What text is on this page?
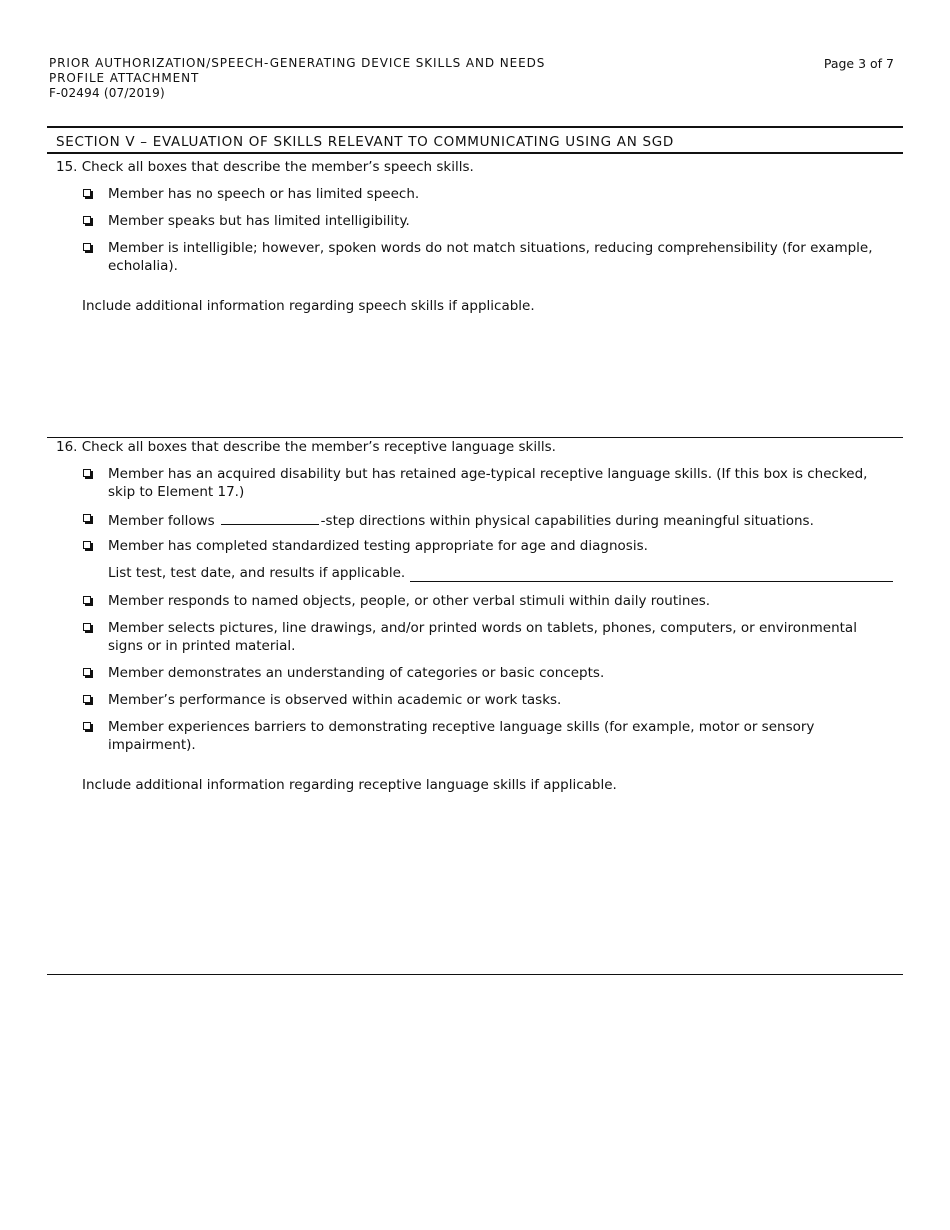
PRIOR AUTHORIZATION/SPEECH-GENERATING DEVICE SKILLS AND NEEDS
PROFILE ATTACHMENT
F-02494 (07/2019)
Page 3 of 7
SECTION V – EVALUATION OF SKILLS RELEVANT TO COMMUNICATING USING AN SGD
15. Check all boxes that describe the member’s speech skills.
Member has no speech or has limited speech.
Member speaks but has limited intelligibility.
Member is intelligible; however, spoken words do not match situations, reducing comprehensibility (for example, echolalia).
Include additional information regarding speech skills if applicable.
16. Check all boxes that describe the member’s receptive language skills.
Member has an acquired disability but has retained age-typical receptive language skills. (If this box is checked, skip to Element 17.)
Member follows	-step directions within physical capabilities during meaningful situations.
Member has completed standardized testing appropriate for age and diagnosis.
List test, test date, and results if applicable.
Member responds to named objects, people, or other verbal stimuli within daily routines.
Member selects pictures, line drawings, and/or printed words on tablets, phones, computers, or environmental signs or in printed material.
Member demonstrates an understanding of categories or basic concepts.
Member’s performance is observed within academic or work tasks.
Member experiences barriers to demonstrating receptive language skills (for example, motor or sensory impairment).
Include additional information regarding receptive language skills if applicable.
